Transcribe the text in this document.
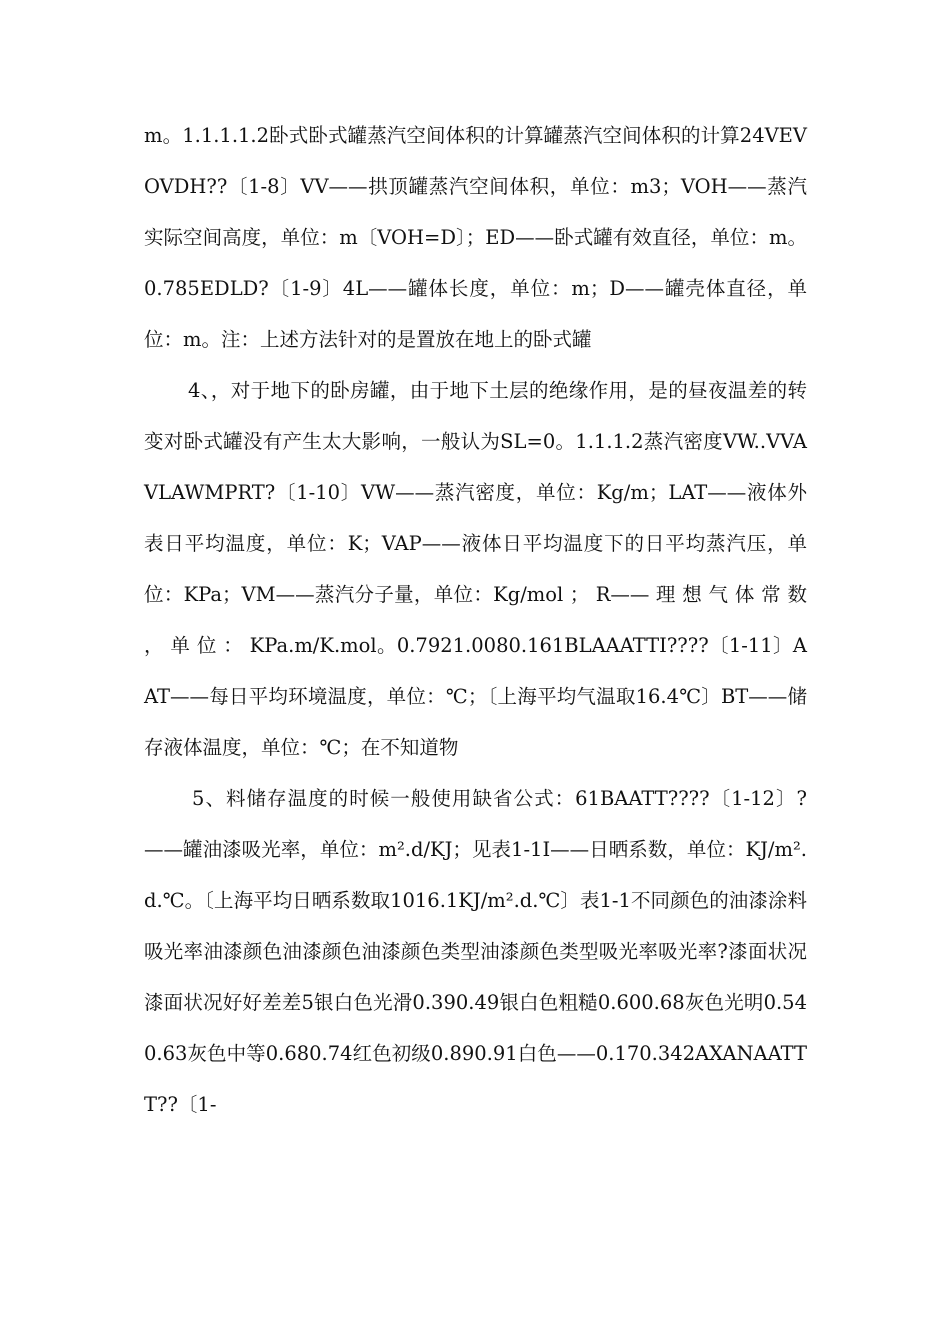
m。1.1.1.1.2卧式卧式罐蒸汽空间体积的计算罐蒸汽空间体积的计算24VEVOVDH??〔1-8〕VV——拱顶罐蒸汽空间体积，单位：m3；VOH——蒸汽实际空间高度，单位：m〔VOH=D〕；ED——卧式罐有效直径，单位：m。0.785EDLD?〔1-9〕4L——罐体长度，单位：m；D——罐壳体直径，单位：m。注：上述方法针对的是置放在地上的卧式罐

4、，对于地下的卧房罐，由于地下土层的绝缘作用，是的昼夜温差的转变对卧式罐没有产生太大影响，一般认为SL=0。1.1.1.2蒸汽密度VW..VVAVLAWMPRT?〔1-10〕VW——蒸汽密度，单位：Kg/m；LAT——液体外表日平均温度，单位：K；VAP——液体日平均温度下的日平均蒸汽压，单位：KPa；VM——蒸汽分子量，单位：Kg/mol ； R—— 理 想 气 体 常 数 ， 单 位 ： KPa.m/K.mol。0.7921.0080.161BLAAATTI????〔1-11〕AAT——每日平均环境温度，单位：℃；〔上海平均气温取16.4℃〕BT——储存液体温度，单位：℃；在不知道物

5、料储存温度的时候一般使用缺省公式：61BAATT????〔1-12〕?——罐油漆吸光率，单位：m².d/KJ；见表1-1I——日晒系数，单位：KJ/m².d.℃。〔上海平均日晒系数取1016.1KJ/m².d.℃〕表1-1不同颜色的油漆涂料吸光率油漆颜色油漆颜色油漆颜色类型油漆颜色类型吸光率吸光率?漆面状况漆面状况好好差差5银白色光滑0.390.49银白色粗糙0.600.68灰色光明0.540.63灰色中等0.680.74红色初级0.890.91白色——0.170.342AXANAATTT??〔1-
